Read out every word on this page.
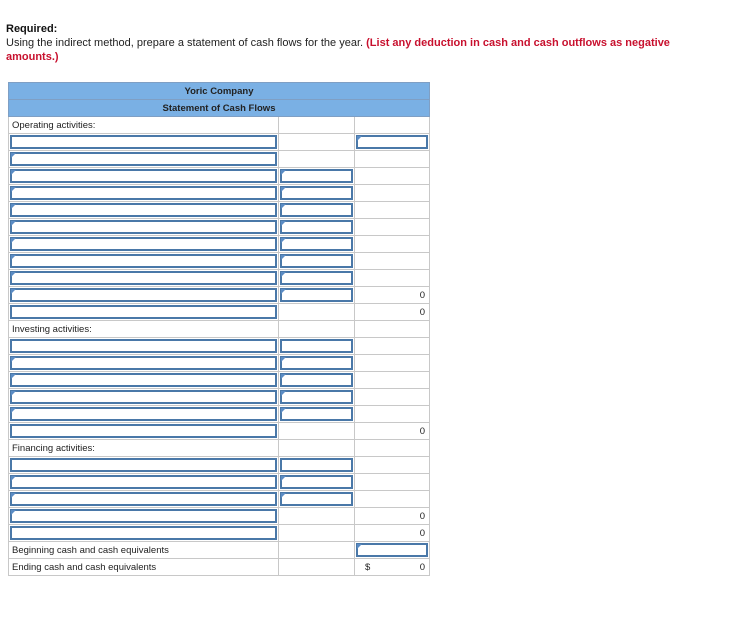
Required:
Using the indirect method, prepare a statement of cash flows for the year. (List any deduction in cash and cash outflows as negative amounts.)
Yoric Company		
Statement of Cash Flows		

Operating activities:		

		0

		0

Investing activities:		

		0

Financing activities:		

		0

		0

Beginning cash and cash equivalents		

Ending cash and cash equivalents		$ 0
